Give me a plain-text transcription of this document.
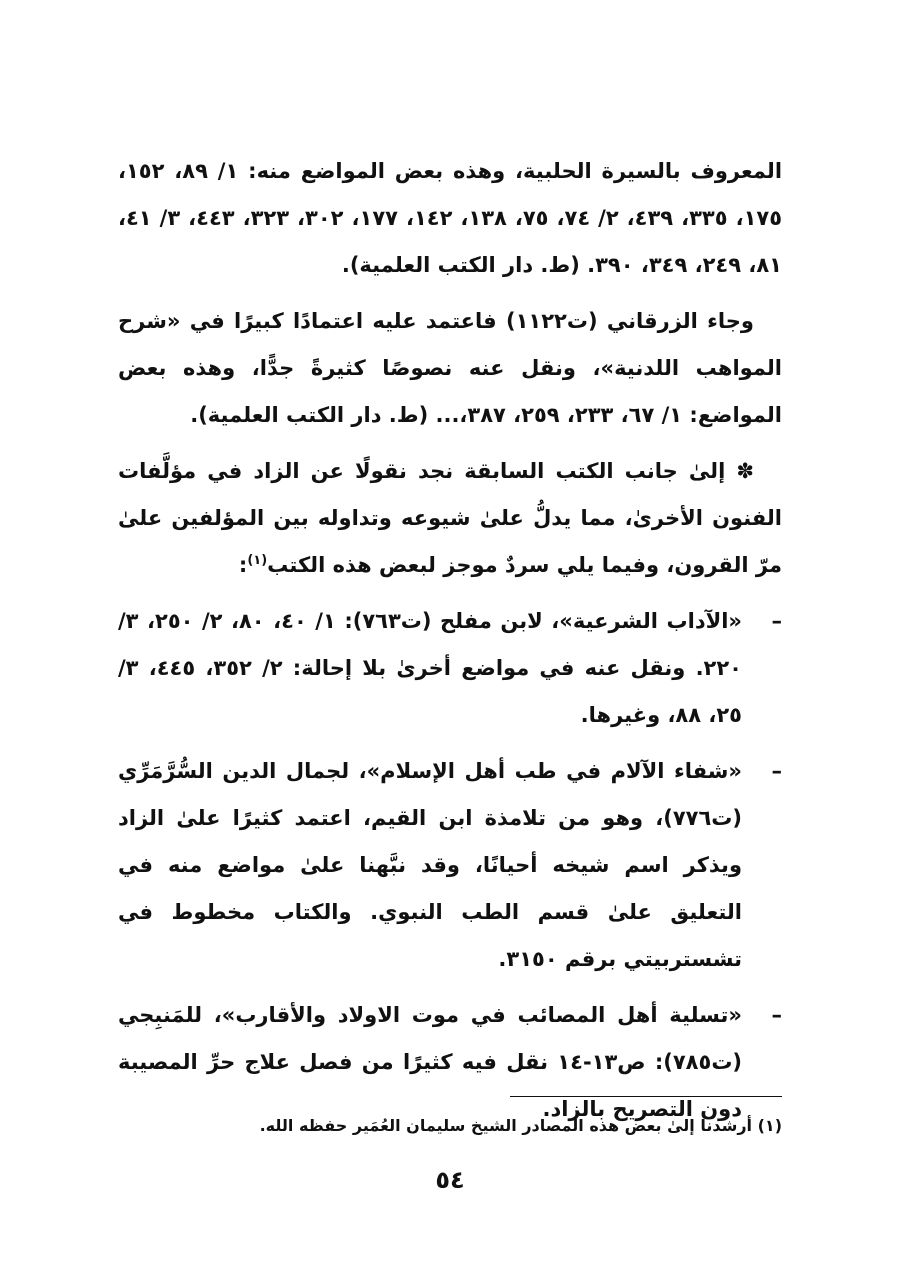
المعروف بالسيرة الحلبية، وهذه بعض المواضع منه: ١/ ٨٩، ١٥٢، ١٧٥، ٣٣٥، ٤٣٩، ٢/ ٧٤، ٧٥، ١٣٨، ١٤٢، ١٧٧، ٣٠٢، ٣٢٣، ٤٤٣، ٣/ ٤١، ٨١، ٢٤٩، ٣٤٩، ٣٩٠. (ط. دار الكتب العلمية).

وجاء الزرقاني (ت١١٢٢) فاعتمد عليه اعتمادًا كبيرًا في «شرح المواهب اللدنية»، ونقل عنه نصوصًا كثيرةً جدًّا، وهذه بعض المواضع: ١/ ٦٧، ٢٣٣، ٢٥٩، ٣٨٧،... (ط. دار الكتب العلمية).

✽ إلىٰ جانب الكتب السابقة نجد نقولًا عن الزاد في مؤلَّفات الفنون الأخرىٰ، مما يدلُّ علىٰ شيوعه وتداوله بين المؤلفين علىٰ مرّ القرون، وفيما يلي سردٌ موجز لبعض هذه الكتب$^{(١)}$:

–
«الآداب الشرعية»، لابن مفلح (ت٧٦٣): ١/ ٤٠، ٨٠، ٢/ ٢٥٠، ٣/ ٢٢٠. ونقل عنه في مواضع أخرىٰ بلا إحالة: ٢/ ٣٥٢، ٤٤٥، ٣/ ٢٥، ٨٨، وغيرها.
–
«شفاء الآلام في طب أهل الإسلام»، لجمال الدين السُّرَّمَرِّي (ت٧٧٦)، وهو من تلامذة ابن القيم، اعتمد كثيرًا علىٰ الزاد ويذكر اسم شيخه أحيانًا، وقد نبَّهنا علىٰ مواضع منه في التعليق علىٰ قسم الطب النبوي. والكتاب مخطوط في تشستربيتي برقم ٣١٥٠.
–
«تسلية أهل المصائب في موت الاولاد والأقارب»، للمَنبِجي (ت٧٨٥): ص١٣-١٤ نقل فيه كثيرًا من فصل علاج حرِّ المصيبة دون التصريح بالزاد.
(١) أرشدنا إلىٰ بعض هذه المصادر الشيخ سليمان العُمَير حفظه الله.
٥٤
